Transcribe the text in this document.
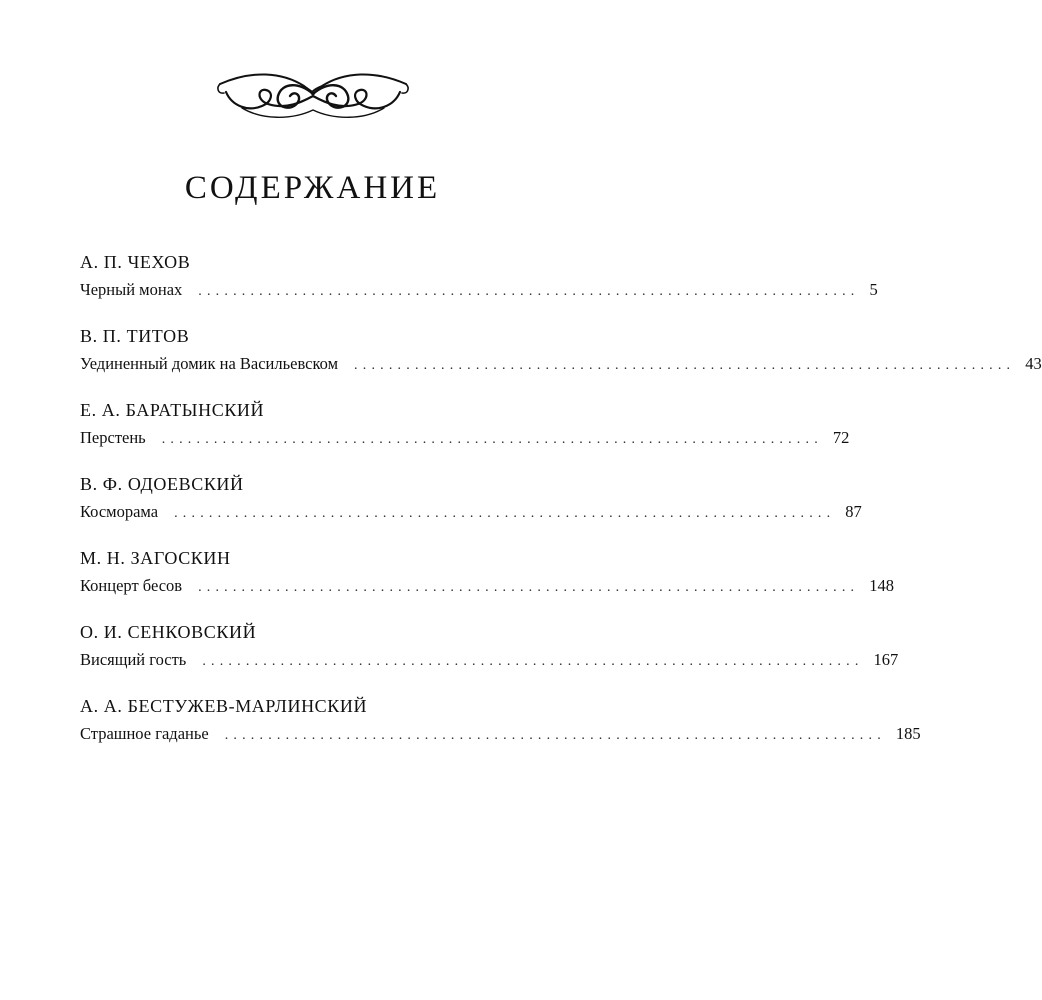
СОДЕРЖАНИЕ
А. П. ЧЕХОВ
Черный монах ............................................................................ 5
В. П. ТИТОВ
Уединенный домик на Васильевском ............................................................................ 43
Е. А. БАРАТЫНСКИЙ
Перстень ............................................................................ 72
В. Ф. ОДОЕВСКИЙ
Косморама ............................................................................ 87
М. Н. ЗАГОСКИН
Концерт бесов ............................................................................ 148
О. И. СЕНКОВСКИЙ
Висящий гость ............................................................................ 167
А. А. БЕСТУЖЕВ-МАРЛИНСКИЙ
Страшное гаданье ............................................................................ 185
